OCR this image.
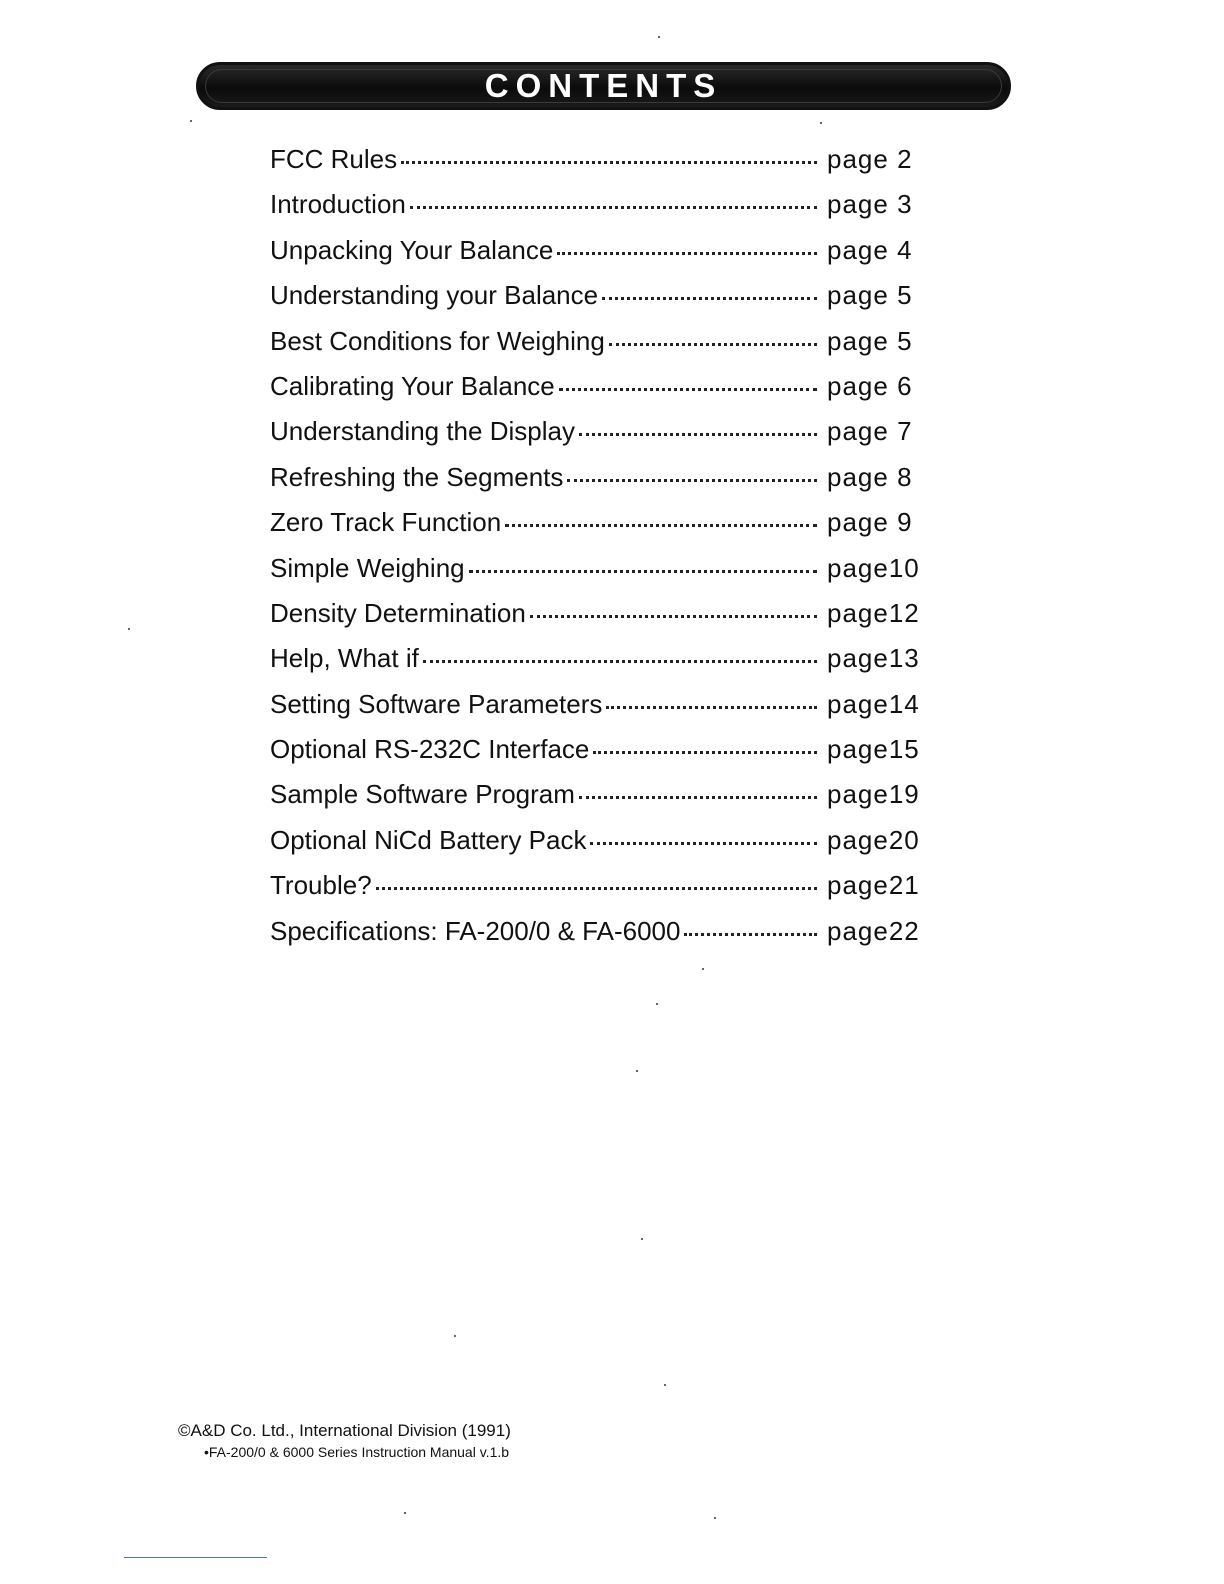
CONTENTS
FCC Rules	page 2
Introduction	page 3
Unpacking Your Balance	page 4
Understanding your Balance	page 5
Best Conditions for Weighing	page 5
Calibrating Your Balance	page 6
Understanding the Display	page 7
Refreshing the Segments	page 8
Zero Track Function	page 9
Simple Weighing	page10
Density Determination	page12
Help, What if	page13
Setting Software Parameters	page14
Optional RS-232C Interface	page15
Sample Software Program	page19
Optional NiCd Battery Pack	page20
Trouble?	page21
Specifications: FA-200/0 & FA-6000	page22
©A&D Co. Ltd., International Division (1991)
•FA-200/0 & 6000 Series Instruction Manual v.1.b
